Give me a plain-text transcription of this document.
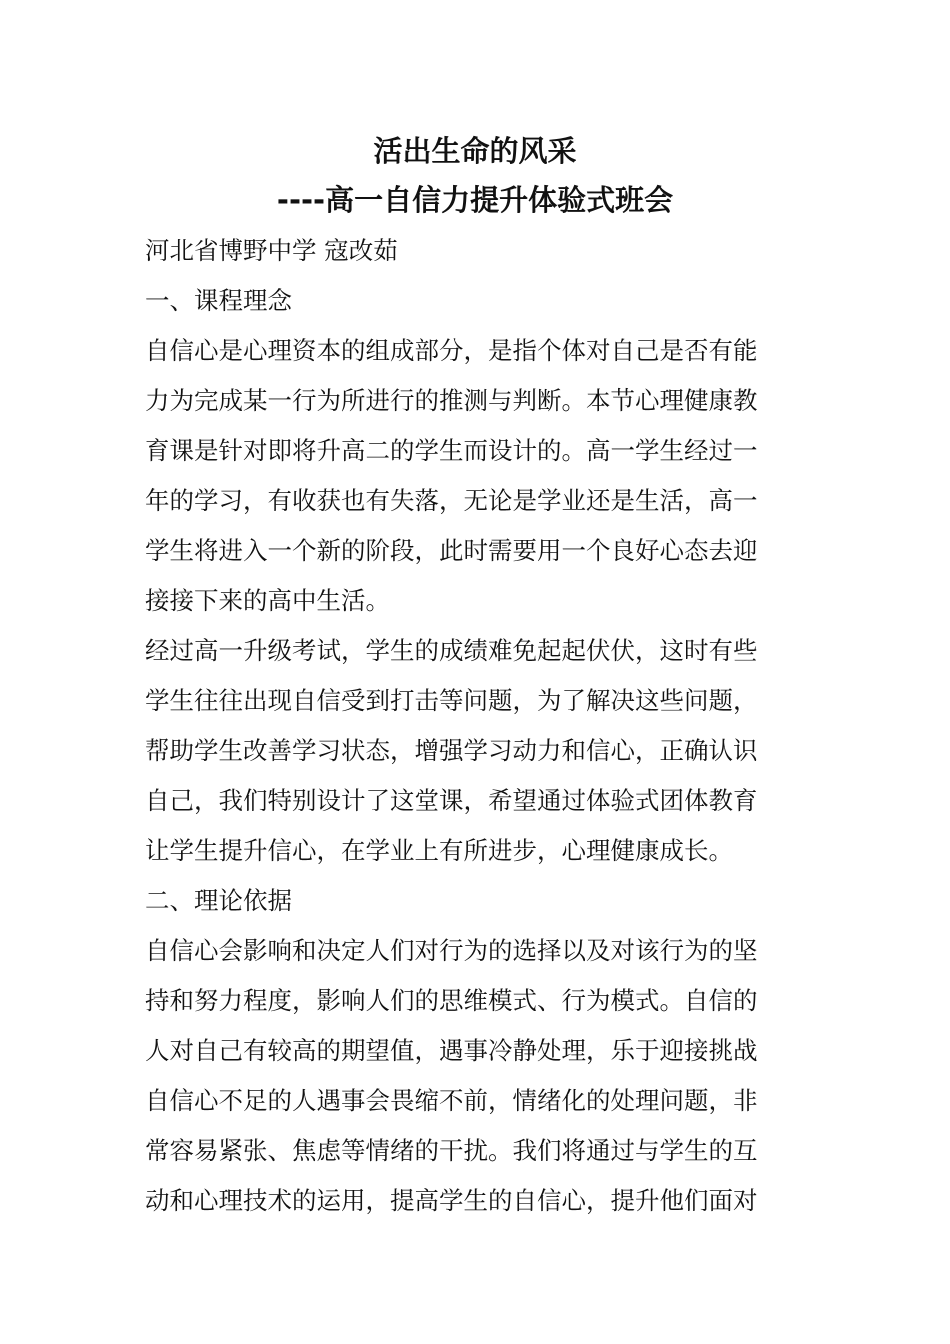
活出生命的风采
----高一自信力提升体验式班会
河北省博野中学 寇改茹
一、课程理念
自信心是心理资本的组成部分，是指个体对自己是否有能
力为完成某一行为所进行的推测与判断。本节心理健康教
育课是针对即将升高二的学生而设计的。高一学生经过一
年的学习，有收获也有失落，无论是学业还是生活，高一
学生将进入一个新的阶段，此时需要用一个良好心态去迎
接接下来的高中生活。
经过高一升级考试，学生的成绩难免起起伏伏，这时有些
学生往往出现自信受到打击等问题，为了解决这些问题，
帮助学生改善学习状态，增强学习动力和信心，正确认识
自己，我们特别设计了这堂课，希望通过体验式团体教育
让学生提升信心，在学业上有所进步，心理健康成长。
二、理论依据
自信心会影响和决定人们对行为的选择以及对该行为的坚
持和努力程度，影响人们的思维模式、行为模式。自信的
人对自己有较高的期望值，遇事冷静处理，乐于迎接挑战
自信心不足的人遇事会畏缩不前，情绪化的处理问题，非
常容易紧张、焦虑等情绪的干扰。我们将通过与学生的互
动和心理技术的运用，提高学生的自信心，提升他们面对
